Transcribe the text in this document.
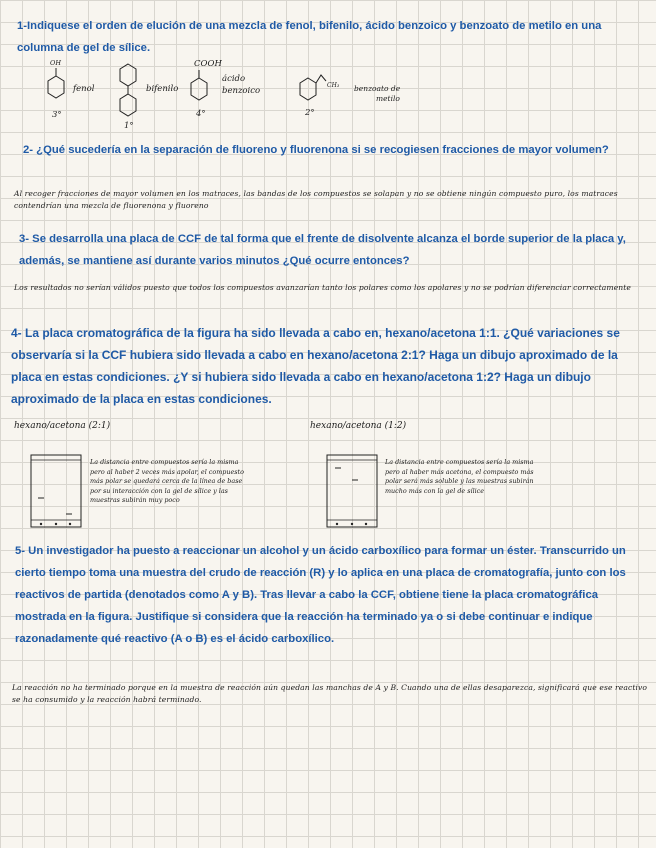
1-Indiquese el orden de elución de una mezcla de fenol, bifenilo, ácido benzoico y benzoato de metilo en una columna de gel de sílice.

OH
fenol
3°
bifenilo
1°
COOH
ácido
benzoico
4°
CH₃ benzoato de
metilo
2°

2- ¿Qué sucedería en la separación de fluoreno y fluorenona si se recogiesen fracciones de mayor volumen?

Al recoger fracciones de mayor volumen en los matraces, las bandas de los compuestos se solapan y no se obtiene ningún compuesto puro, los matraces contendrían una mezcla de fluorenona y fluoreno

3- Se desarrolla una placa de CCF de tal forma que el frente de disolvente alcanza el borde superior de la placa y, además, se mantiene así durante varios minutos ¿Qué ocurre entonces?

Los resultados no serían válidos puesto que todos los compuestos avanzarían tanto los polares como los apolares y no se podrían diferenciar correctamente

4- La placa cromatográfica de la figura ha sido llevada a cabo en, hexano/acetona 1:1. ¿Qué variaciones se observaría si la CCF hubiera sido llevada a cabo en hexano/acetona 2:1? Haga un dibujo aproximado de la placa en estas condiciones. ¿Y si hubiera sido llevada a cabo en hexano/acetona 1:2? Haga un dibujo aproximado de la placa en estas condiciones.

hexano/acetona (2:1)

La distancia entre compuestos sería la misma pero al haber 2 veces más apolar, el compuesto más polar se quedará cerca de la línea de base por su interacción con la gel de sílice y las muestras subirán muy poco

hexano/acetona (1:2)

La distancia entre compuestos sería la misma pero al haber más acetona, el compuesto más polar será más soluble y las muestras subirán mucho más con la gel de sílice

5- Un investigador ha puesto a reaccionar un alcohol y un ácido carboxílico para formar un éster. Transcurrido un cierto tiempo toma una muestra del crudo de reacción (R) y lo aplica en una placa de cromatografía, junto con los reactivos de partida (denotados como A y B). Tras llevar a cabo la CCF, obtiene tiene la placa cromatográfica mostrada en la figura. Justifique si considera que la reacción ha terminado ya o si debe continuar e indique razonadamente qué reactivo (A o B) es el ácido carboxílico.

La reacción no ha terminado porque en la muestra de reacción aún quedan las manchas de A y B. Cuando una de ellas desaparezca, significará que ese reactivo se ha consumido y la reacción habrá terminado.
